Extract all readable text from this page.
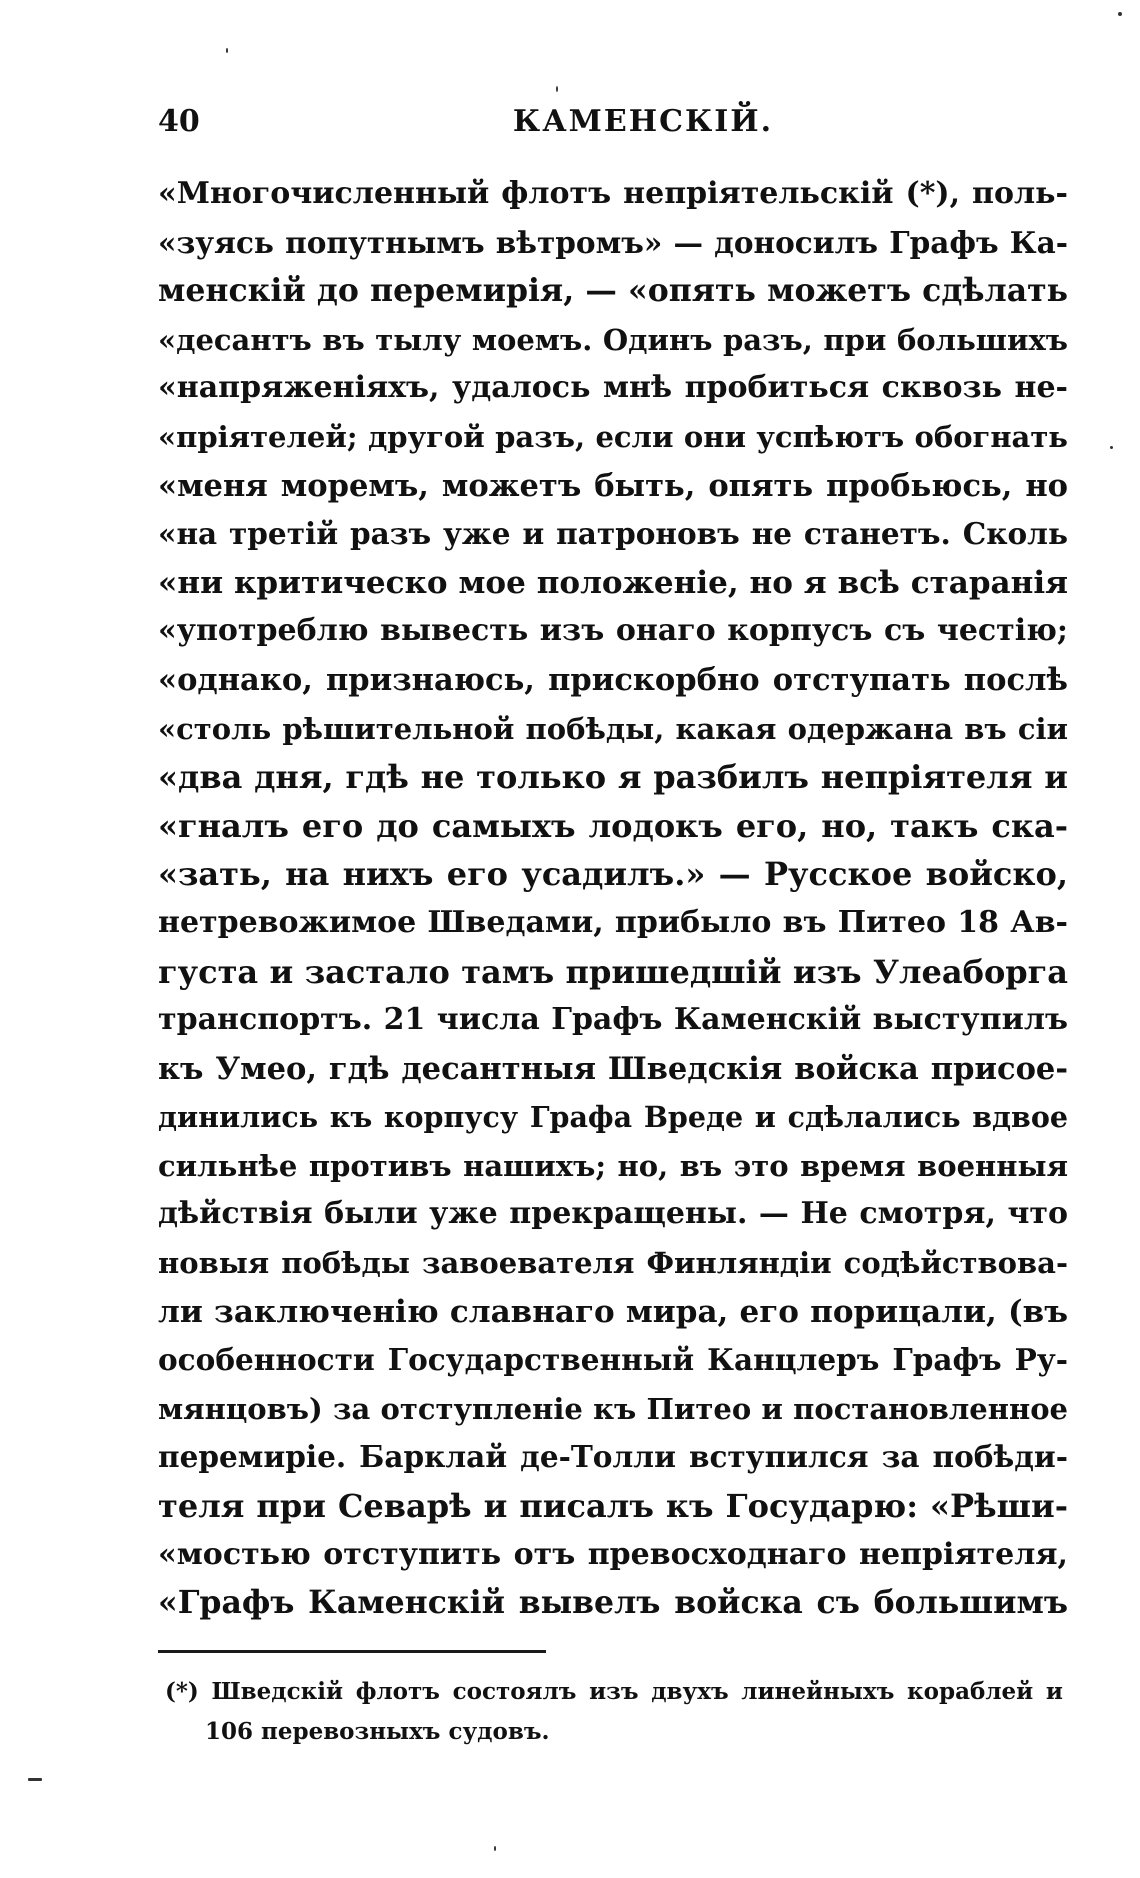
40	КАМЕНСКІЙ.
«Многочисленный флотъ непріятельскій (*), поль-
«зуясь попутнымъ вѣтромъ» — доносилъ Графъ Ка-
менскій до перемирія, — «опять можетъ сдѣлать
«десантъ въ тылу моемъ. Одинъ разъ, при большихъ
«напряженіяхъ, удалось мнѣ пробиться сквозь не-
«пріятелей; другой разъ, если они успѣютъ обогнать
«меня моремъ, можетъ быть, опять пробьюсь, но
«на третій разъ уже и патроновъ не станетъ. Сколь
«ни критическо мое положеніе, но я всѣ старанія
«употреблю вывесть изъ онаго корпусъ съ честію;
«однако, признаюсь, прискорбно отступать послѣ
«столь рѣшительной побѣды, какая одержана въ сіи
«два дня, гдѣ не только я разбилъ непріятеля и
«гналъ его до самыхъ лодокъ его, но, такъ ска-
«зать, на нихъ его усадилъ.» — Русское войско,
нетревожимое Шведами, прибыло въ Питео 18 Ав-
густа и застало тамъ пришедшій изъ Улеаборга
транспортъ. 21 числа Графъ Каменскій выступилъ
къ Умео, гдѣ десантныя Шведскія войска присое-
динились къ корпусу Графа Вреде и сдѣлались вдвое
сильнѣе противъ нашихъ; но, въ это время военныя
дѣйствія были уже прекращены. — Не смотря, что
новыя побѣды завоевателя Финляндіи содѣйствова-
ли заключенію славнаго мира, его порицали, (въ
особенности Государственный Канцлеръ Графъ Ру-
мянцовъ) за отступленіе къ Питео и постановленное
перемиріе. Барклай де-Толли вступился за побѣди-
теля при Севарѣ и писалъ къ Государю: «Рѣши-
«мостью отступить отъ превосходнаго непріятеля,
«Графъ Каменскій вывелъ войска съ большимъ
(*) Шведскій флотъ состоялъ изъ двухъ линейныхъ кораблей и
106 перевозныхъ судовъ.
